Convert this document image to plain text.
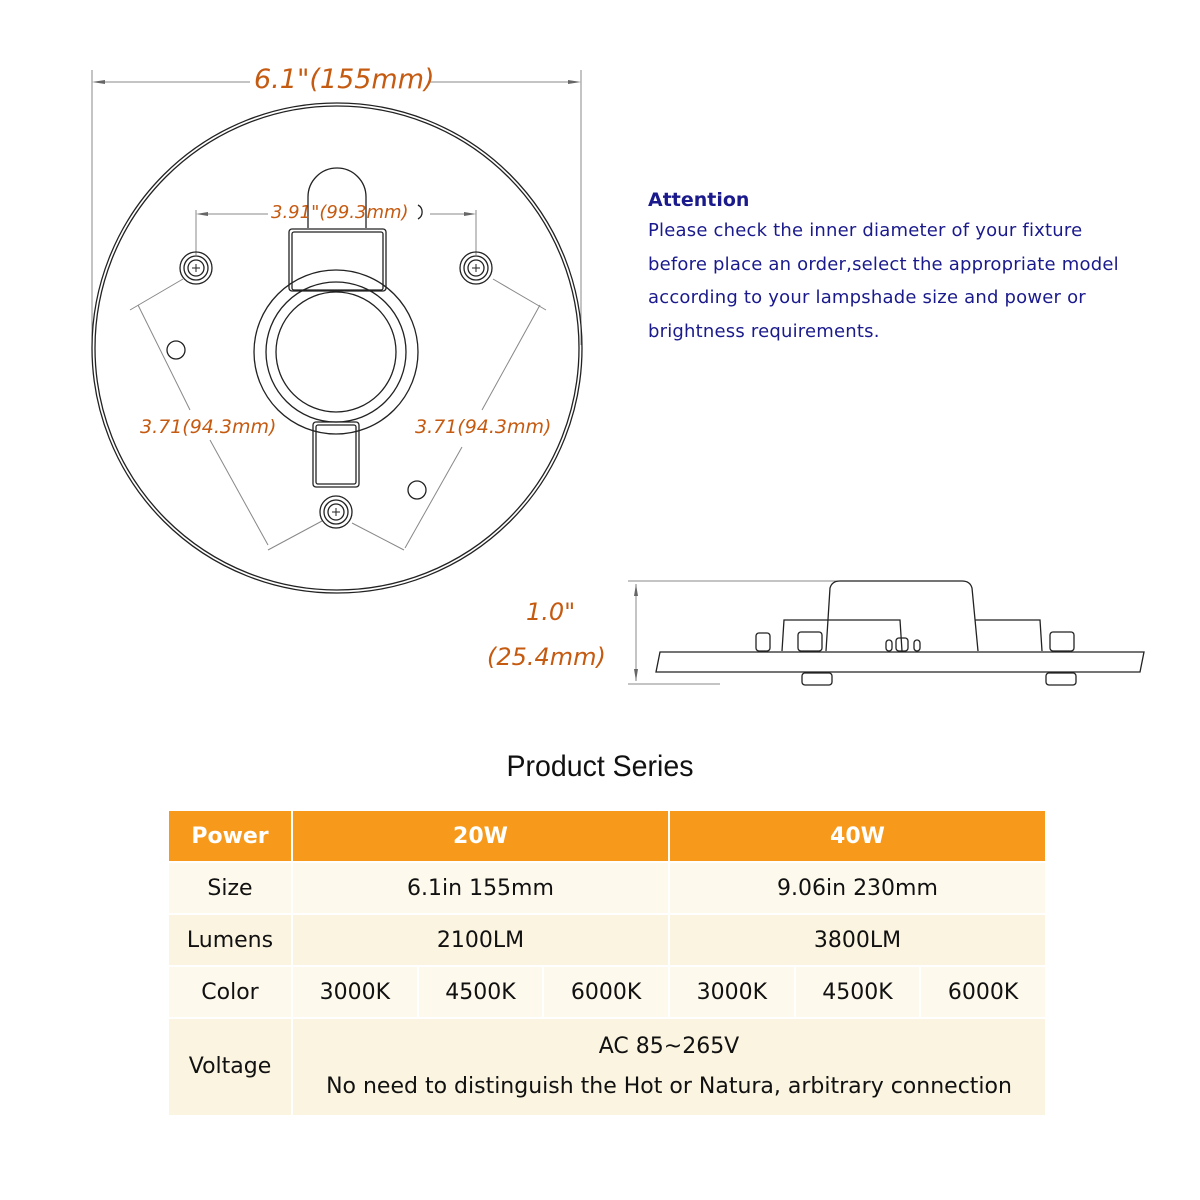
6.1"(155mm)
3.91"(99.3mm)
3.71(94.3mm)	3.71(94.3mm)
Attention
Please check the inner diameter of your fixture
before place an order,select the appropriate model
according to your lampshade size and power or
brightness requirements.
1.0"
(25.4mm)
Product Series
Power	20W			40W		
Size	6.1in 155mm			9.06in 230mm		
Lumens	2100LM			3800LM		
Color	3000K	4500K	6000K	3000K	4500K	6000K
Voltage	AC 85~265V
No need to distinguish the Hot or Natura, arbitrary connection					
